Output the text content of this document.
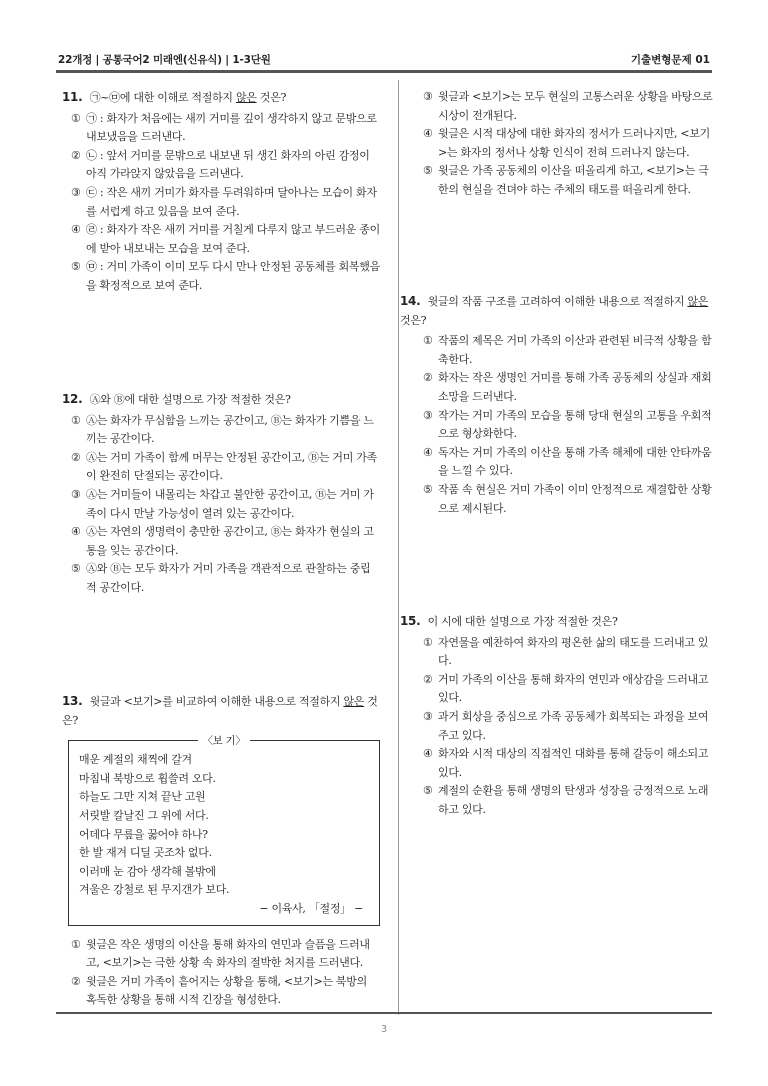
22개정 | 공통국어2 미래엔(신유식) | 1-3단원	기출변형문제 01
11. ㉠~㉤에 대한 이해로 적절하지 않은 것은?
① ㉠ : 화자가 처음에는 새끼 거미를 깊이 생각하지 않고 문밖으로 내보냈음을 드러낸다.
② ㉡ : 앞서 거미를 문밖으로 내보낸 뒤 생긴 화자의 아린 감정이 아직 가라앉지 않았음을 드러낸다.
③ ㉢ : 작은 새끼 거미가 화자를 두려워하며 달아나는 모습이 화자를 서럽게 하고 있음을 보여 준다.
④ ㉣ : 화자가 작은 새끼 거미를 거칠게 다루지 않고 부드러운 종이에 받아 내보내는 모습을 보여 준다.
⑤ ㉤ : 거미 가족이 이미 모두 다시 만나 안정된 공동체를 회복했음을 확정적으로 보여 준다.
12. Ⓐ와 Ⓑ에 대한 설명으로 가장 적절한 것은?
① Ⓐ는 화자가 무심함을 느끼는 공간이고, Ⓑ는 화자가 기쁨을 느끼는 공간이다.
② Ⓐ는 거미 가족이 함께 머무는 안정된 공간이고, Ⓑ는 거미 가족이 완전히 단절되는 공간이다.
③ Ⓐ는 거미들이 내몰리는 차갑고 불안한 공간이고, Ⓑ는 거미 가족이 다시 만날 가능성이 열려 있는 공간이다.
④ Ⓐ는 자연의 생명력이 충만한 공간이고, Ⓑ는 화자가 현실의 고통을 잊는 공간이다.
⑤ Ⓐ와 Ⓑ는 모두 화자가 거미 가족을 객관적으로 관찰하는 중립적 공간이다.
13. 윗글과 <보기>를 비교하여 이해한 내용으로 적절하지 않은 것은?
〈보 기〉
매운 계절의 채찍에 갈겨
마침내 북방으로 휩쓸려 오다.
하늘도 그만 지쳐 끝난 고원
서릿발 칼날진 그 위에 서다.
어데다 무릎을 꿇어야 하나?
한 발 재겨 디딜 곳조차 없다.
이러매 눈 감아 생각해 볼밖에
겨울은 강철로 된 무지갠가 보다.
− 이육사, 「절정」 −
① 윗글은 작은 생명의 이산을 통해 화자의 연민과 슬픔을 드러내고, <보기>는 극한 상황 속 화자의 절박한 처지를 드러낸다.
② 윗글은 거미 가족이 흩어지는 상황을 통해, <보기>는 북방의 혹독한 상황을 통해 시적 긴장을 형성한다.
③ 윗글과 <보기>는 모두 현실의 고통스러운 상황을 바탕으로 시상이 전개된다.
④ 윗글은 시적 대상에 대한 화자의 정서가 드러나지만, <보기>는 화자의 정서나 상황 인식이 전혀 드러나지 않는다.
⑤ 윗글은 가족 공동체의 이산을 떠올리게 하고, <보기>는 극한의 현실을 견뎌야 하는 주체의 태도를 떠올리게 한다.
14. 윗글의 작품 구조를 고려하여 이해한 내용으로 적절하지 않은 것은?
① 작품의 제목은 거미 가족의 이산과 관련된 비극적 상황을 함축한다.
② 화자는 작은 생명인 거미를 통해 가족 공동체의 상실과 재회 소망을 드러낸다.
③ 작가는 거미 가족의 모습을 통해 당대 현실의 고통을 우회적으로 형상화한다.
④ 독자는 거미 가족의 이산을 통해 가족 해체에 대한 안타까움을 느낄 수 있다.
⑤ 작품 속 현실은 거미 가족이 이미 안정적으로 재결합한 상황으로 제시된다.
15. 이 시에 대한 설명으로 가장 적절한 것은?
① 자연물을 예찬하여 화자의 평온한 삶의 태도를 드러내고 있다.
② 거미 가족의 이산을 통해 화자의 연민과 애상감을 드러내고 있다.
③ 과거 회상을 중심으로 가족 공동체가 회복되는 과정을 보여 주고 있다.
④ 화자와 시적 대상의 직접적인 대화를 통해 갈등이 해소되고 있다.
⑤ 계절의 순환을 통해 생명의 탄생과 성장을 긍정적으로 노래하고 있다.
3
